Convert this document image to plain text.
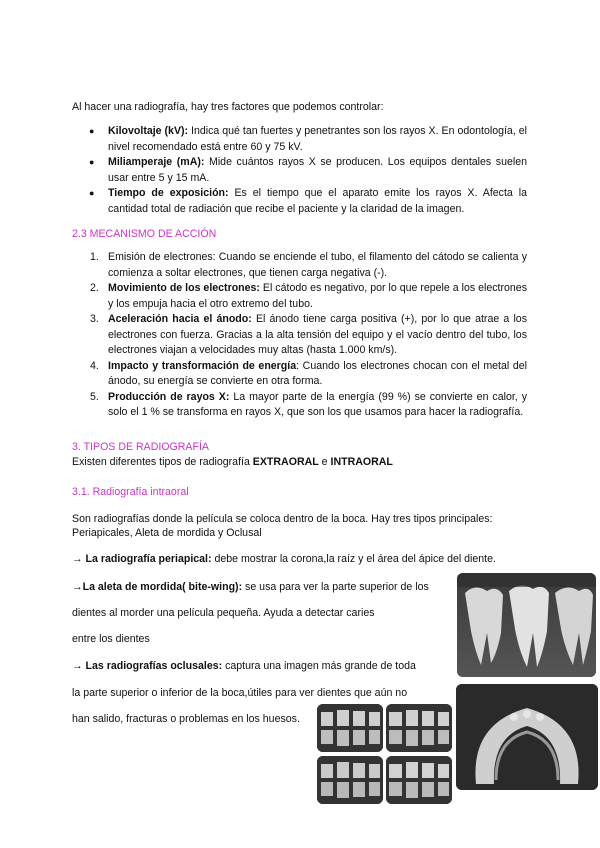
Al hacer una radiografía, hay tres factores que podemos controlar:
● Kilovoltaje (kV): Indica qué tan fuertes y penetrantes son los rayos X. En odontología, el nivel recomendado está entre 60 y 75 kV.
● Miliamperaje (mA): Mide cuántos rayos X se producen. Los equipos dentales suelen usar entre 5 y 15 mA.
● Tiempo de exposición: Es el tiempo que el aparato emite los rayos X. Afecta la cantidad total de radiación que recibe el paciente y la claridad de la imagen.
2.3 MECANISMO DE ACCIÓN
1. Emisión de electrones: Cuando se enciende el tubo, el filamento del cátodo se calienta y comienza a soltar electrones, que tienen carga negativa (-).
2. Movimiento de los electrones: El cátodo es negativo, por lo que repele a los electrones y los empuja hacia el otro extremo del tubo.
3. Aceleración hacia el ánodo: El ánodo tiene carga positiva (+), por lo que atrae a los electrones con fuerza. Gracias a la alta tensión del equipo y el vacío dentro del tubo, los electrones viajan a velocidades muy altas (hasta 1.000 km/s).
4. Impacto y transformación de energía: Cuando los electrones chocan con el metal del ánodo, su energía se convierte en otra forma.
5. Producción de rayos X: La mayor parte de la energía (99 %) se convierte en calor, y solo el 1 % se transforma en rayos X, que son los que usamos para hacer la radiografía.
3. TIPOS DE RADIOGRAFÍA
Existen diferentes tipos de radiografía EXTRAORAL e INTRAORAL
3.1. Radiografía intraoral
Son radiografías donde la película se coloca dentro de la boca. Hay tres tipos principales:
Periapicales, Aleta de mordida y Oclusal
→ La radiografía periapical: debe mostrar la corona,la raíz y el área del ápice del diente.
→La aleta de mordida( bite-wing): se usa para ver la parte superior de los
dientes al morder una película pequeña. Ayuda a detectar caries
entre los dientes
→ Las radiografías oclusales: captura una imagen más grande de toda
la parte superior o inferior de la boca,útiles para ver dientes que aún no
han salido, fracturas o problemas en los huesos.
